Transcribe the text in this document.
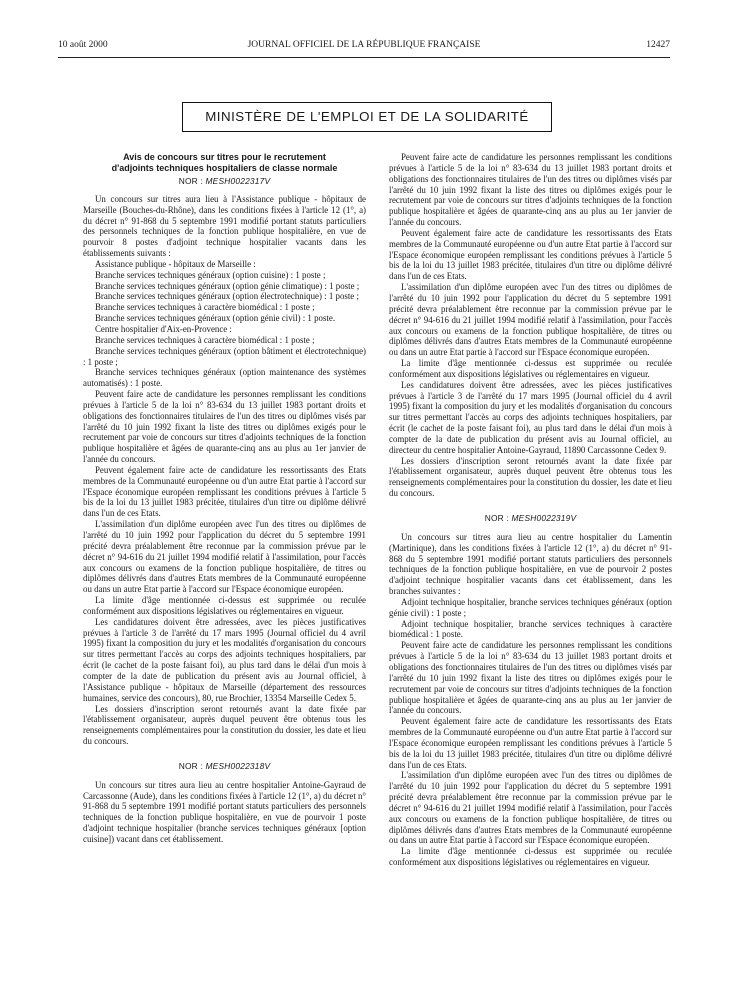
10 août 2000	JOURNAL OFFICIEL DE LA RÉPUBLIQUE FRANÇAISE	12427
MINISTÈRE DE L'EMPLOI ET DE LA SOLIDARITÉ

Avis de concours sur titres pour le recrutement

d'adjoints techniques hospitaliers de classe normale

NOR : MESH0022317V

Un concours sur titres aura lieu à l'Assistance publique - hôpitaux de Marseille (Bouches-du-Rhône), dans les conditions fixées à l'article 12 (1°, a) du décret n° 91-868 du 5 septembre 1991 modifié portant statuts particuliers des personnels techniques de la fonction publique hospitalière, en vue de pourvoir 8 postes d'adjoint technique hospitalier vacants dans les établissements suivants :

Assistance publique - hôpitaux de Marseille :

Branche services techniques généraux (option cuisine) : 1 poste ;

Branche services techniques généraux (option génie climatique) : 1 poste ;

Branche services techniques généraux (option électrotechnique) : 1 poste ;

Branche services techniques à caractère biomédical : 1 poste ;

Branche services techniques généraux (option génie civil) : 1 poste.

Centre hospitalier d'Aix-en-Provence :

Branche services techniques à caractère biomédical : 1 poste ;

Branche services techniques généraux (option bâtiment et électrotechnique) : 1 poste ;

Branche services techniques généraux (option maintenance des systèmes automatisés) : 1 poste.

Peuvent faire acte de candidature les personnes remplissant les conditions prévues à l'article 5 de la loi n° 83-634 du 13 juillet 1983 portant droits et obligations des fonctionnaires titulaires de l'un des titres ou diplômes visés par l'arrêté du 10 juin 1992 fixant la liste des titres ou diplômes exigés pour le recrutement par voie de concours sur titres d'adjoints techniques de la fonction publique hospitalière et âgées de quarante-cinq ans au plus au 1er janvier de l'année du concours.

Peuvent également faire acte de candidature les ressortissants des Etats membres de la Communauté européenne ou d'un autre Etat partie à l'accord sur l'Espace économique européen remplissant les conditions prévues à l'article 5 bis de la loi du 13 juillet 1983 précitée, titulaires d'un titre ou diplôme délivré dans l'un de ces Etats.

L'assimilation d'un diplôme européen avec l'un des titres ou diplômes de l'arrêté du 10 juin 1992 pour l'application du décret du 5 septembre 1991 précité devra préalablement être reconnue par la commission prévue par le décret n° 94-616 du 21 juillet 1994 modifié relatif à l'assimilation, pour l'accès aux concours ou examens de la fonction publique hospitalière, de titres ou diplômes délivrés dans d'autres Etats membres de la Communauté européenne ou dans un autre Etat partie à l'accord sur l'Espace économique européen.

La limite d'âge mentionnée ci-dessus est supprimée ou reculée conformément aux dispositions législatives ou réglementaires en vigueur.

Les candidatures doivent être adressées, avec les pièces justificatives prévues à l'article 3 de l'arrêté du 17 mars 1995 (Journal officiel du 4 avril 1995) fixant la composition du jury et les modalités d'organisation du concours sur titres permettant l'accès au corps des adjoints techniques hospitaliers, par écrit (le cachet de la poste faisant foi), au plus tard dans le délai d'un mois à compter de la date de publication du présent avis au Journal officiel, à l'Assistance publique - hôpitaux de Marseille (département des ressources humaines, service des concours), 80, rue Brochier, 13354 Marseille Cedex 5.

Les dossiers d'inscription seront retournés avant la date fixée par l'établissement organisateur, auprès duquel peuvent être obtenus tous les renseignements complémentaires pour la constitution du dossier, les date et lieu du concours.

NOR : MESH0022318V

Un concours sur titres aura lieu au centre hospitalier Antoine-Gayraud de Carcassonne (Aude), dans les conditions fixées à l'article 12 (1°, a) du décret n° 91-868 du 5 septembre 1991 modifié portant statuts particuliers des personnels techniques de la fonction publique hospitalière, en vue de pourvoir 1 poste d'adjoint technique hospitalier (branche services techniques généraux [option cuisine]) vacant dans cet établissement.

Peuvent faire acte de candidature les personnes remplissant les conditions prévues à l'article 5 de la loi n° 83-634 du 13 juillet 1983 portant droits et obligations des fonctionnaires titulaires de l'un des titres ou diplômes visés par l'arrêté du 10 juin 1992 fixant la liste des titres ou diplômes exigés pour le recrutement par voie de concours sur titres d'adjoints techniques de la fonction publique hospitalière et âgées de quarante-cinq ans au plus au 1er janvier de l'année du concours.

Peuvent également faire acte de candidature les ressortissants des Etats membres de la Communauté européenne ou d'un autre Etat partie à l'accord sur l'Espace économique européen remplissant les conditions prévues à l'article 5 bis de la loi du 13 juillet 1983 précitée, titulaires d'un titre ou diplôme délivré dans l'un de ces Etats.

L'assimilation d'un diplôme européen avec l'un des titres ou diplômes de l'arrêté du 10 juin 1992 pour l'application du décret du 5 septembre 1991 précité devra préalablement être reconnue par la commission prévue par le décret n° 94-616 du 21 juillet 1994 modifié relatif à l'assimilation, pour l'accès aux concours ou examens de la fonction publique hospitalière, de titres ou diplômes délivrés dans d'autres Etats membres de la Communauté européenne ou dans un autre Etat partie à l'accord sur l'Espace économique européen.

La limite d'âge mentionnée ci-dessus est supprimée ou reculée conformément aux dispositions législatives ou réglementaires en vigueur.

Les candidatures doivent être adressées, avec les pièces justificatives prévues à l'article 3 de l'arrêté du 17 mars 1995 (Journal officiel du 4 avril 1995) fixant la composition du jury et les modalités d'organisation du concours sur titres permettant l'accès au corps des adjoints techniques hospitaliers, par écrit (le cachet de la poste faisant foi), au plus tard dans le délai d'un mois à compter de la date de publication du présent avis au Journal officiel, au directeur du centre hospitalier Antoine-Gayraud, 11890 Carcassonne Cedex 9.

Les dossiers d'inscription seront retournés avant la date fixée par l'établissement organisateur, auprès duquel peuvent être obtenus tous les renseignements complémentaires pour la constitution du dossier, les date et lieu du concours.

NOR : MESH0022319V

Un concours sur titres aura lieu au centre hospitalier du Lamentin (Martinique), dans les conditions fixées à l'article 12 (1°, a) du décret n° 91-868 du 5 septembre 1991 modifié portant statuts particuliers des personnels techniques de la fonction publique hospitalière, en vue de pourvoir 2 postes d'adjoint technique hospitalier vacants dans cet établissement, dans les branches suivantes :

Adjoint technique hospitalier, branche services techniques généraux (option génie civil) : 1 poste ;

Adjoint technique hospitalier, branche services techniques à caractère biomédical : 1 poste.

Peuvent faire acte de candidature les personnes remplissant les conditions prévues à l'article 5 de la loi n° 83-634 du 13 juillet 1983 portant droits et obligations des fonctionnaires titulaires de l'un des titres ou diplômes visés par l'arrêté du 10 juin 1992 fixant la liste des titres ou diplômes exigés pour le recrutement par voie de concours sur titres d'adjoints techniques de la fonction publique hospitalière et âgées de quarante-cinq ans au plus au 1er janvier de l'année du concours.

Peuvent également faire acte de candidature les ressortissants des Etats membres de la Communauté européenne ou d'un autre Etat partie à l'accord sur l'Espace économique européen remplissant les conditions prévues à l'article 5 bis de la loi du 13 juillet 1983 précitée, titulaires d'un titre ou diplôme délivré dans l'un de ces Etats.

L'assimilation d'un diplôme européen avec l'un des titres ou diplômes de l'arrêté du 10 juin 1992 pour l'application du décret du 5 septembre 1991 précité devra préalablement être reconnue par la commission prévue par le décret n° 94-616 du 21 juillet 1994 modifié relatif à l'assimilation, pour l'accès aux concours ou examens de la fonction publique hospitalière, de titres ou diplômes délivrés dans d'autres Etats membres de la Communauté européenne ou dans un autre Etat partie à l'accord sur l'Espace économique européen.

La limite d'âge mentionnée ci-dessus est supprimée ou reculée conformément aux dispositions législatives ou réglementaires en vigueur.
